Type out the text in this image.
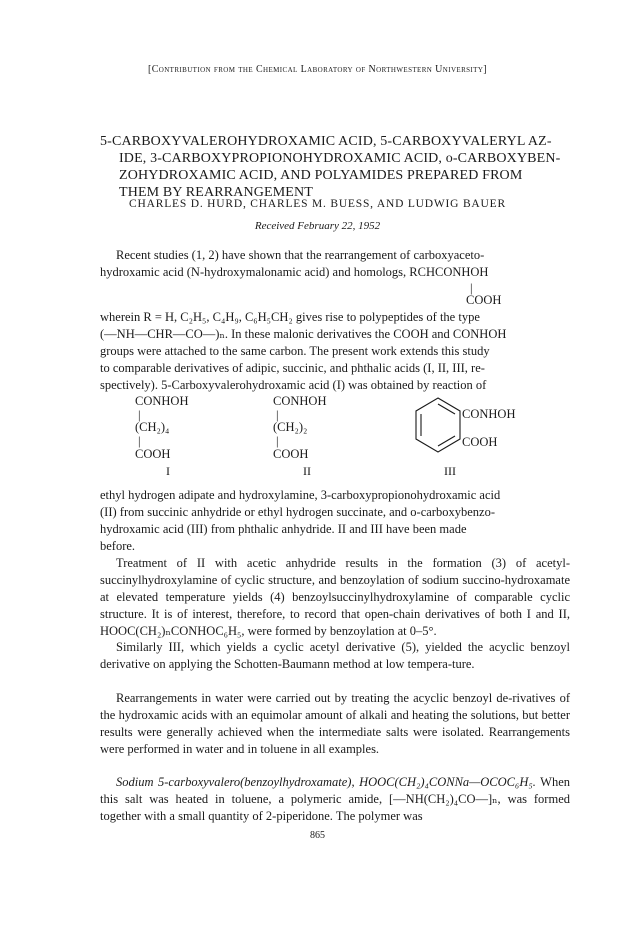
[Contribution from the Chemical Laboratory of Northwestern University]
5-CARBOXYVALEROHYDROXAMIC ACID, 5-CARBOXYVALERYL AZ-
IDE, 3-CARBOXYPROPIONOHYDROXAMIC ACID, o-CARBOXYBEN-
ZOHYDROXAMIC ACID, AND POLYAMIDES PREPARED FROM
THEM BY REARRANGEMENT
CHARLES D. HURD, CHARLES M. BUESS, AND LUDWIG BAUER
Received February 22, 1952
Recent studies (1, 2) have shown that the rearrangement of carboxyaceto-
hydroxamic acid (N-hydroxymalonamic acid) and homologs, RCHCONHOH
|
COOH
wherein R = H, C₂H₅, C₄H₉, C₆H₅CH₂ gives rise to polypeptides of the type
(—NH—CHR—CO—)ₙ. In these malonic derivatives the COOH and CONHOH
groups were attached to the same carbon. The present work extends this study
to comparable derivatives of adipic, succinic, and phthalic acids (I, II, III, re-
spectively). 5-Carboxyvalerohydroxamic acid (I) was obtained by reaction of
CONHOH
|
(CH₂)₄
|
COOH
I
CONHOH
|
(CH₂)₂
|
COOH
II
CONHOH
COOH
III
ethyl hydrogen adipate and hydroxylamine, 3-carboxypropionohydroxamic acid
(II) from succinic anhydride or ethyl hydrogen succinate, and o-carboxybenzo-
hydroxamic acid (III) from phthalic anhydride. II and III have been made
before.
Treatment of II with acetic anhydride results in the formation (3) of acetyl-succinylhydroxylamine of cyclic structure, and benzoylation of sodium succino-hydroxamate at elevated temperature yields (4) benzoylsuccinylhydroxylamine of comparable cyclic structure. It is of interest, therefore, to record that open-chain derivatives of both I and II, HOOC(CH₂)ₙCONHOC₆H₅, were formed by benzoylation at 0–5°.
Similarly III, which yields a cyclic acetyl derivative (5), yielded the acyclic benzoyl derivative on applying the Schotten-Baumann method at low tempera-ture.
Rearrangements in water were carried out by treating the acyclic benzoyl de-rivatives of the hydroxamic acids with an equimolar amount of alkali and heating the solutions, but better results were generally achieved when the intermediate salts were isolated. Rearrangements were performed in water and in toluene in all examples.
Sodium 5-carboxyvalero(benzoylhydroxamate), HOOC(CH₂)₄CONNa—OCOC₆H₅. When this salt was heated in toluene, a polymeric amide, [—NH(CH₂)₄CO—]ₙ, was formed together with a small quantity of 2-piperidone. The polymer was
865
